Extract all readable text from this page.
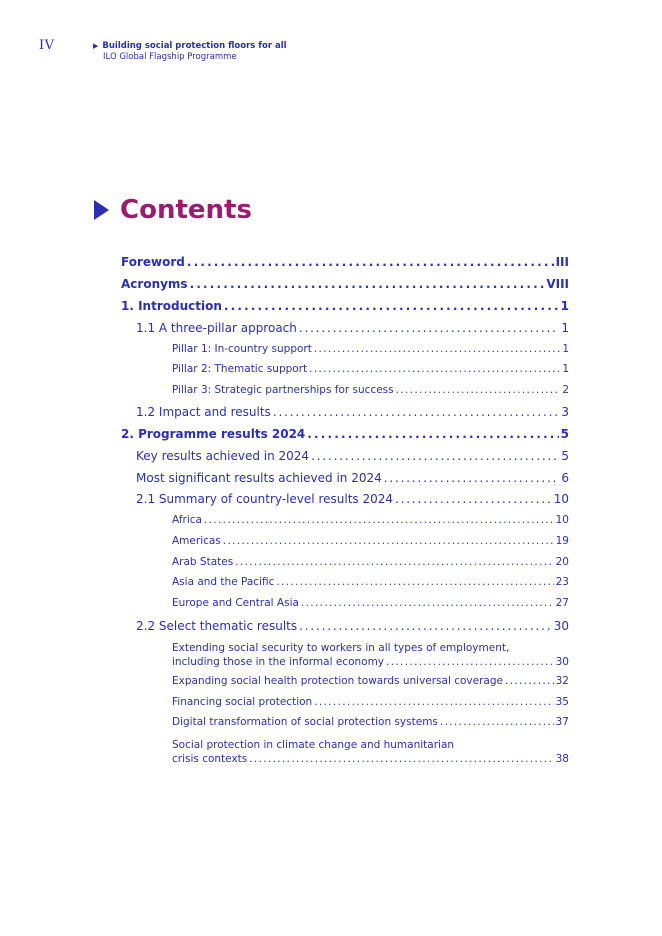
IV	▶ Building social protection floors for all
ILO Global Flagship Programme
Contents
Foreword . . .	III
Acronyms . . .	VIII
1. Introduction . . .	1
1.1 A three-pillar approach . . .	1
Pillar 1: In-country support . . .	1
Pillar 2: Thematic support . . .	1
Pillar 3: Strategic partnerships for success . . .	2
1.2 Impact and results . . .	3
2. Programme results 2024 . . .	5
Key results achieved in 2024 . . .	5
Most significant results achieved in 2024 . . .	6
2.1 Summary of country-level results 2024 . . .	10
Africa . . .	10
Americas . . .	19
Arab States . . .	20
Asia and the Pacific . . .	23
Europe and Central Asia . . .	27
2.2 Select thematic results . . .	30
Extending social security to workers in all types of employment,
including those in the informal economy . . .	30
Expanding social health protection towards universal coverage . . .	32
Financing social protection . . .	35
Digital transformation of social protection systems . . .	37
Social protection in climate change and humanitarian
crisis contexts . . .	38
